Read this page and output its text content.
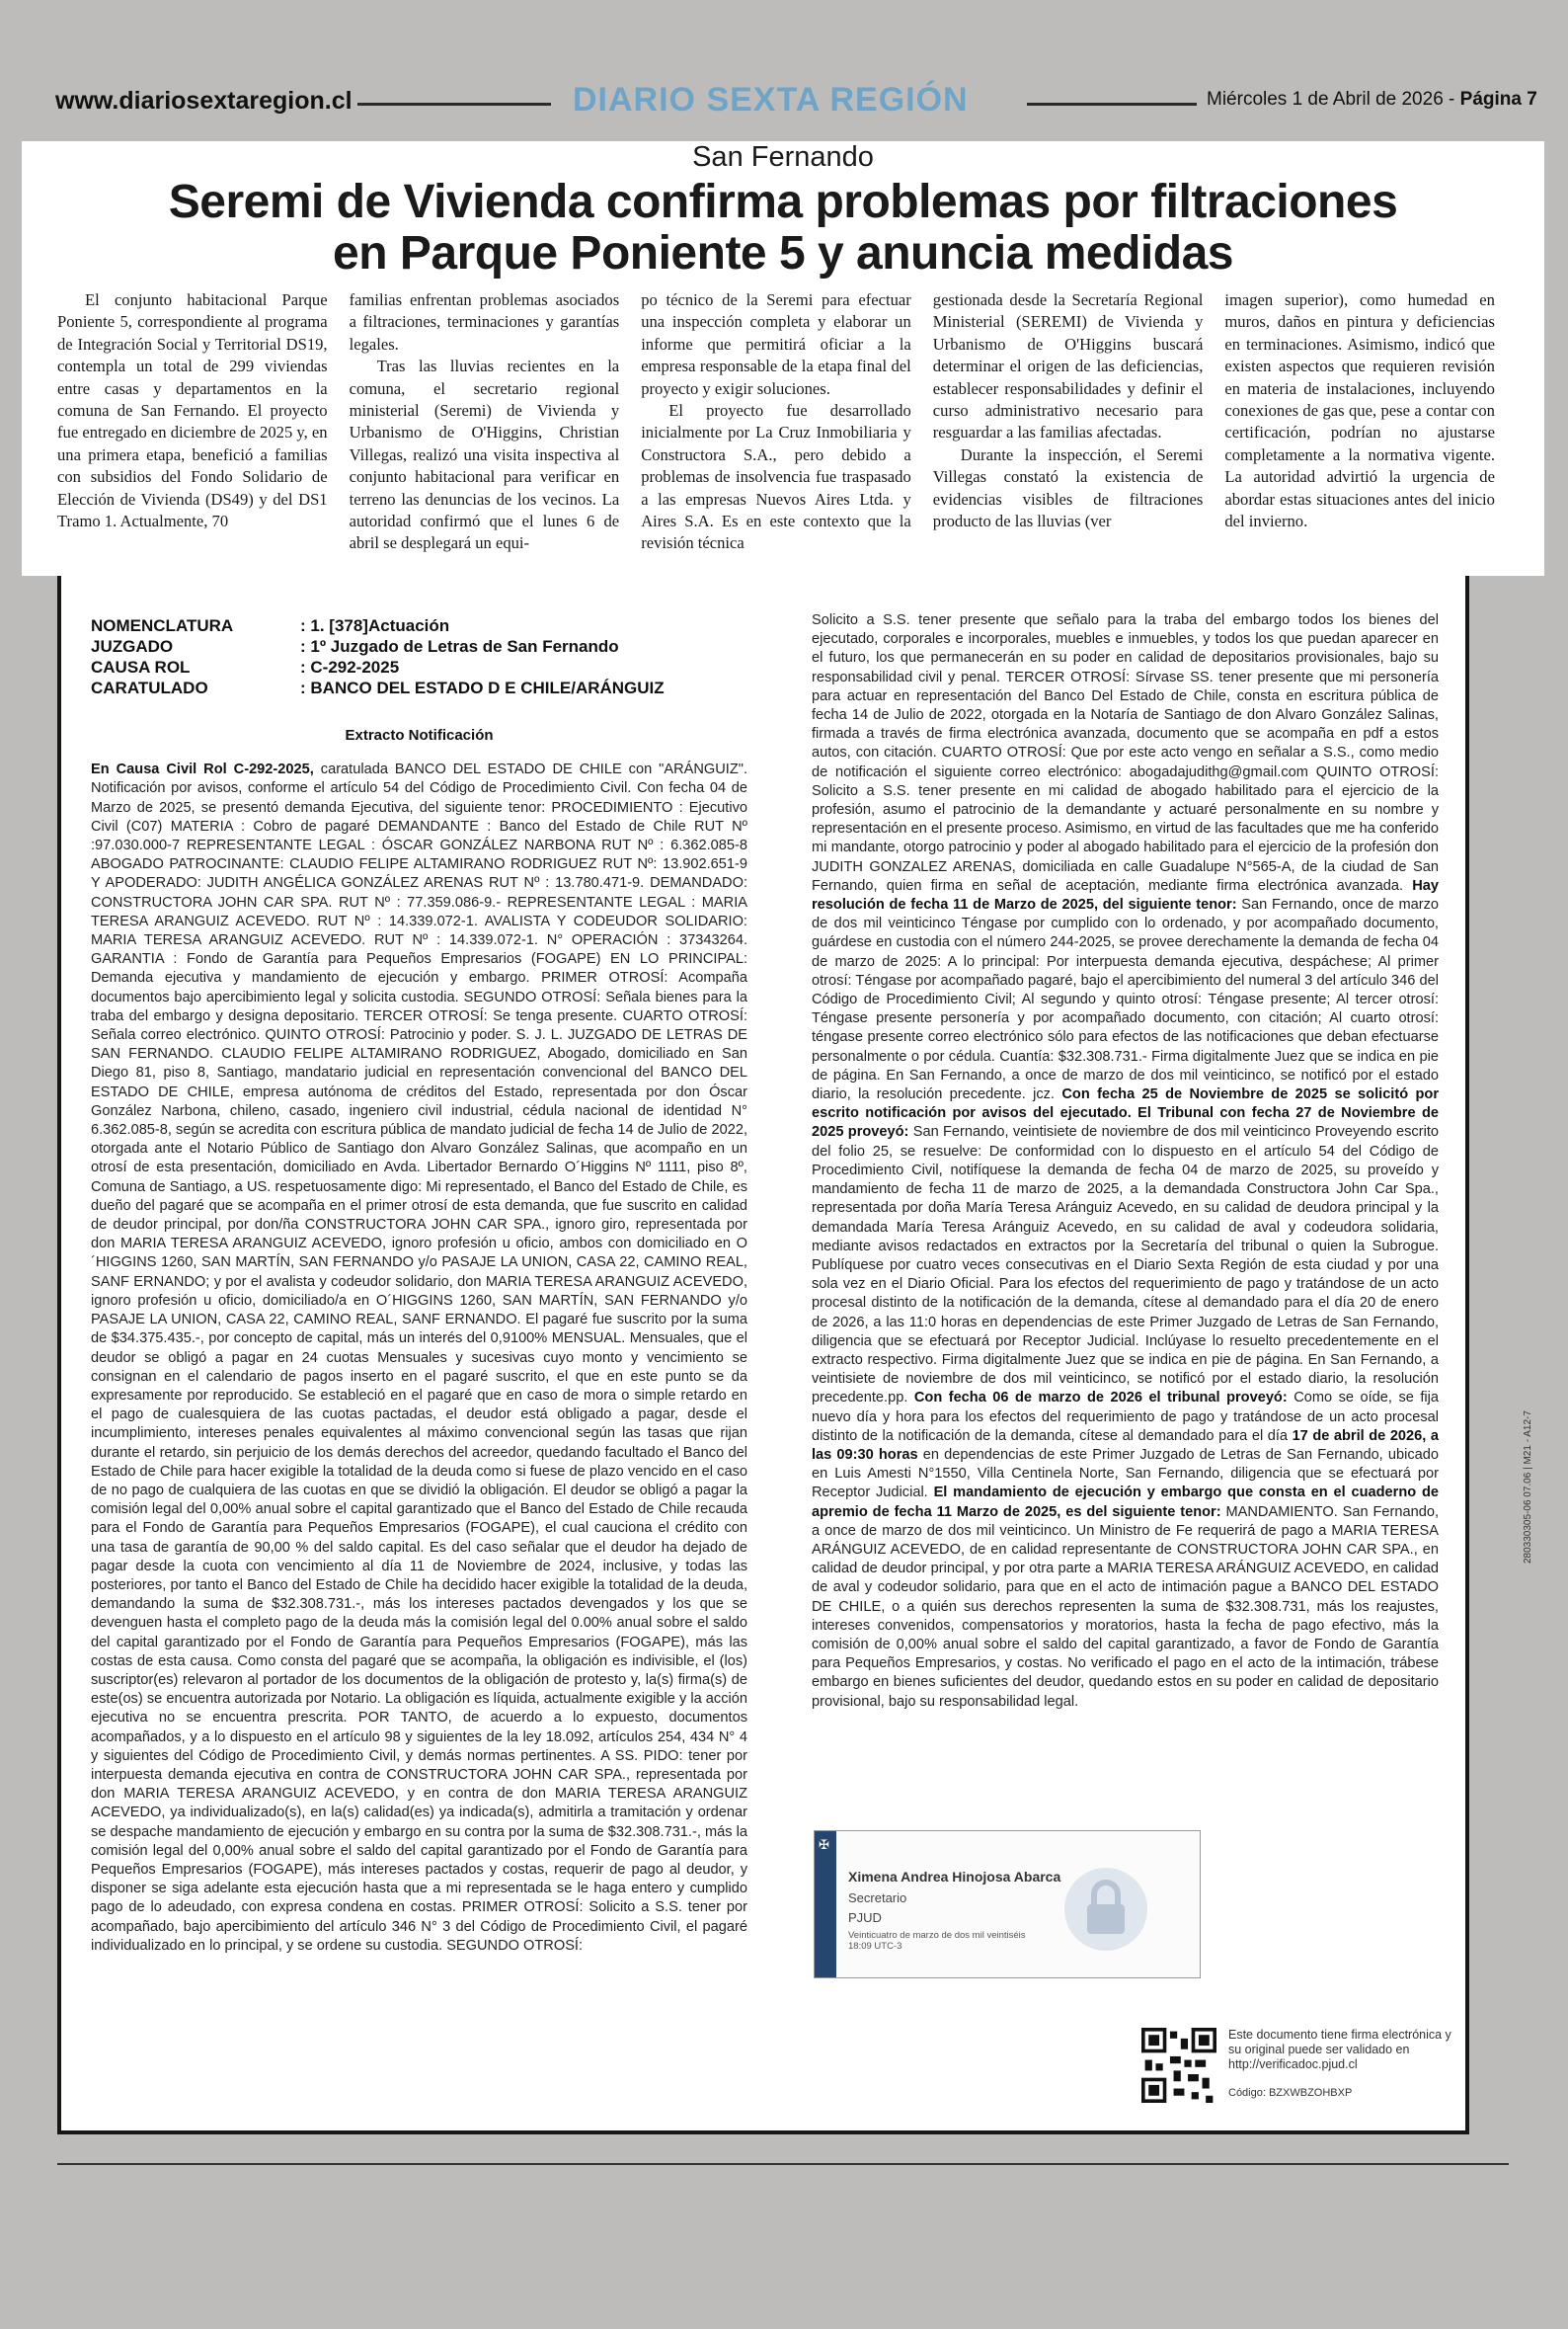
www.diariosextaregion.cl	DIARIO SEXTA REGIÓN	Miércoles 1 de Abril de 2026 - Página 7
San Fernando
Seremi de Vivienda confirma problemas por filtraciones
en Parque Poniente 5 y anuncia medidas

El conjunto habitacional Parque Poniente 5, correspondiente al programa de Integración Social y Territorial DS19, contempla un total de 299 viviendas entre casas y departamentos en la comuna de San Fernando. El proyecto fue entregado en diciembre de 2025 y, en una primera etapa, benefició a familias con subsidios del Fondo Solidario de Elección de Vivienda (DS49) y del DS1 Tramo 1. Actualmente, 70

familias enfrentan problemas asociados a filtraciones, terminaciones y garantías legales.

Tras las lluvias recientes en la comuna, el secretario regional ministerial (Seremi) de Vivienda y Urbanismo de O'Higgins, Christian Villegas, realizó una visita inspectiva al conjunto habitacional para verificar en terreno las denuncias de los vecinos. La autoridad confirmó que el lunes 6 de abril se desplegará un equi-

po técnico de la Seremi para efectuar una inspección completa y elaborar un informe que permitirá oficiar a la empresa responsable de la etapa final del proyecto y exigir soluciones.

El proyecto fue desarrollado inicialmente por La Cruz Inmobiliaria y Constructora S.A., pero debido a problemas de insolvencia fue traspasado a las empresas Nuevos Aires Ltda. y Aires S.A. Es en este contexto que la revisión técnica

gestionada desde la Secretaría Regional Ministerial (SEREMI) de Vivienda y Urbanismo de O'Higgins buscará determinar el origen de las deficiencias, establecer responsabilidades y definir el curso administrativo necesario para resguardar a las familias afectadas.

Durante la inspección, el Seremi Villegas constató la existencia de evidencias visibles de filtraciones producto de las lluvias (ver

imagen superior), como humedad en muros, daños en pintura y deficiencias en terminaciones. Asimismo, indicó que existen aspectos que requieren revisión en materia de instalaciones, incluyendo conexiones de gas que, pese a contar con certificación, podrían no ajustarse completamente a la normativa vigente. La autoridad advirtió la urgencia de abordar estas situaciones antes del inicio del invierno.

NOMENCLATURA	: 1. [378]Actuación
JUZGADO	: 1º Juzgado de Letras de San Fernando
CAUSA ROL	: C-292-2025
CARATULADO	: BANCO DEL ESTADO D E CHILE/ARÁNGUIZ
Extracto Notificación

En Causa Civil Rol C-292-2025, caratulada BANCO DEL ESTADO DE CHILE con "ARÁNGUIZ". Notificación por avisos, conforme el artículo 54 del Código de Procedimiento Civil. Con fecha 04 de Marzo de 2025, se presentó demanda Ejecutiva, del siguiente tenor: PROCEDIMIENTO : Ejecutivo Civil (C07) MATERIA : Cobro de pagaré DEMANDANTE : Banco del Estado de Chile RUT Nº :97.030.000-7 REPRESENTANTE LEGAL : ÓSCAR GONZÁLEZ NARBONA RUT Nº : 6.362.085-8 ABOGADO PATROCINANTE: CLAUDIO FELIPE ALTAMIRANO RODRIGUEZ RUT Nº: 13.902.651-9 Y APODERADO: JUDITH ANGÉLICA GONZÁLEZ ARENAS RUT Nº : 13.780.471-9. DEMANDADO: CONSTRUCTORA JOHN CAR SPA. RUT Nº : 77.359.086-9.- REPRESENTANTE LEGAL : MARIA TERESA ARANGUIZ ACEVEDO. RUT Nº : 14.339.072-1. AVALISTA Y CODEUDOR SOLIDARIO: MARIA TERESA ARANGUIZ ACEVEDO. RUT Nº : 14.339.072-1. N° OPERACIÓN : 37343264. GARANTIA : Fondo de Garantía para Pequeños Empresarios (FOGAPE) EN LO PRINCIPAL: Demanda ejecutiva y mandamiento de ejecución y embargo. PRIMER OTROSÍ: Acompaña documentos bajo apercibimiento legal y solicita custodia. SEGUNDO OTROSÍ: Señala bienes para la traba del embargo y designa depositario. TERCER OTROSÍ: Se tenga presente. CUARTO OTROSÍ: Señala correo electrónico. QUINTO OTROSÍ: Patrocinio y poder. S. J. L. JUZGADO DE LETRAS DE SAN FERNANDO. CLAUDIO FELIPE ALTAMIRANO RODRIGUEZ, Abogado, domiciliado en San Diego 81, piso 8, Santiago, mandatario judicial en representación convencional del BANCO DEL ESTADO DE CHILE, empresa autónoma de créditos del Estado, representada por don Óscar González Narbona, chileno, casado, ingeniero civil industrial, cédula nacional de identidad N° 6.362.085-8, según se acredita con escritura pública de mandato judicial de fecha 14 de Julio de 2022, otorgada ante el Notario Público de Santiago don Alvaro González Salinas, que acompaño en un otrosí de esta presentación, domiciliado en Avda. Libertador Bernardo O´Higgins Nº 1111, piso 8º, Comuna de Santiago, a US. respetuosamente digo: Mi representado, el Banco del Estado de Chile, es dueño del pagaré que se acompaña en el primer otrosí de esta demanda, que fue suscrito en calidad de deudor principal, por don/ña CONSTRUCTORA JOHN CAR SPA., ignoro giro, representada por don MARIA TERESA ARANGUIZ ACEVEDO, ignoro profesión u oficio, ambos con domiciliado en O´HIGGINS 1260, SAN MARTÍN, SAN FERNANDO y/o PASAJE LA UNION, CASA 22, CAMINO REAL, SANF ERNANDO; y por el avalista y codeudor solidario, don MARIA TERESA ARANGUIZ ACEVEDO, ignoro profesión u oficio, domiciliado/a en O´HIGGINS 1260, SAN MARTÍN, SAN FERNANDO y/o PASAJE LA UNION, CASA 22, CAMINO REAL, SANF ERNANDO. El pagaré fue suscrito por la suma de $34.375.435.-, por concepto de capital, más un interés del 0,9100% MENSUAL. Mensuales, que el deudor se obligó a pagar en 24 cuotas Mensuales y sucesivas cuyo monto y vencimiento se consignan en el calendario de pagos inserto en el pagaré suscrito, el que en este punto se da expresamente por reproducido. Se estableció en el pagaré que en caso de mora o simple retardo en el pago de cualesquiera de las cuotas pactadas, el deudor está obligado a pagar, desde el incumplimiento, intereses penales equivalentes al máximo convencional según las tasas que rijan durante el retardo, sin perjuicio de los demás derechos del acreedor, quedando facultado el Banco del Estado de Chile para hacer exigible la totalidad de la deuda como si fuese de plazo vencido en el caso de no pago de cualquiera de las cuotas en que se dividió la obligación. El deudor se obligó a pagar la comisión legal del 0,00% anual sobre el capital garantizado que el Banco del Estado de Chile recauda para el Fondo de Garantía para Pequeños Empresarios (FOGAPE), el cual cauciona el crédito con una tasa de garantía de 90,00 % del saldo capital. Es del caso señalar que el deudor ha dejado de pagar desde la cuota con vencimiento al día 11 de Noviembre de 2024, inclusive, y todas las posteriores, por tanto el Banco del Estado de Chile ha decidido hacer exigible la totalidad de la deuda, demandando la suma de $32.308.731.-, más los intereses pactados devengados y los que se devenguen hasta el completo pago de la deuda más la comisión legal del 0.00% anual sobre el saldo del capital garantizado por el Fondo de Garantía para Pequeños Empresarios (FOGAPE), más las costas de esta causa. Como consta del pagaré que se acompaña, la obligación es indivisible, el (los) suscriptor(es) relevaron al portador de los documentos de la obligación de protesto y, la(s) firma(s) de este(os) se encuentra autorizada por Notario. La obligación es líquida, actualmente exigible y la acción ejecutiva no se encuentra prescrita. POR TANTO, de acuerdo a lo expuesto, documentos acompañados, y a lo dispuesto en el artículo 98 y siguientes de la ley 18.092, artículos 254, 434 N° 4 y siguientes del Código de Procedimiento Civil, y demás normas pertinentes. A SS. PIDO: tener por interpuesta demanda ejecutiva en contra de CONSTRUCTORA JOHN CAR SPA., representada por don MARIA TERESA ARANGUIZ ACEVEDO, y en contra de don MARIA TERESA ARANGUIZ ACEVEDO, ya individualizado(s), en la(s) calidad(es) ya indicada(s), admitirla a tramitación y ordenar se despache mandamiento de ejecución y embargo en su contra por la suma de $32.308.731.-, más la comisión legal del 0,00% anual sobre el saldo del capital garantizado por el Fondo de Garantía para Pequeños Empresarios (FOGAPE), más intereses pactados y costas, requerir de pago al deudor, y disponer se siga adelante esta ejecución hasta que a mi representada se le haga entero y cumplido pago de lo adeudado, con expresa condena en costas. PRIMER OTROSÍ: Solicito a S.S. tener por acompañado, bajo apercibimiento del artículo 346 N° 3 del Código de Procedimiento Civil, el pagaré individualizado en lo principal, y se ordene su custodia. SEGUNDO OTROSÍ:

Solicito a S.S. tener presente que señalo para la traba del embargo todos los bienes del ejecutado, corporales e incorporales, muebles e inmuebles, y todos los que puedan aparecer en el futuro, los que permanecerán en su poder en calidad de depositarios provisionales, bajo su responsabilidad civil y penal. TERCER OTROSÍ: Sírvase SS. tener presente que mi personería para actuar en representación del Banco Del Estado de Chile, consta en escritura pública de fecha 14 de Julio de 2022, otorgada en la Notaría de Santiago de don Alvaro González Salinas, firmada a través de firma electrónica avanzada, documento que se acompaña en pdf a estos autos, con citación. CUARTO OTROSÍ: Que por este acto vengo en señalar a S.S., como medio de notificación el siguiente correo electrónico: abogadajudithg@gmail.com QUINTO OTROSÍ: Solicito a S.S. tener presente en mi calidad de abogado habilitado para el ejercicio de la profesión, asumo el patrocinio de la demandante y actuaré personalmente en su nombre y representación en el presente proceso. Asimismo, en virtud de las facultades que me ha conferido mi mandante, otorgo patrocinio y poder al abogado habilitado para el ejercicio de la profesión don JUDITH GONZALEZ ARENAS, domiciliada en calle Guadalupe N°565-A, de la ciudad de San Fernando, quien firma en señal de aceptación, mediante firma electrónica avanzada. Hay resolución de fecha 11 de Marzo de 2025, del siguiente tenor: San Fernando, once de marzo de dos mil veinticinco Téngase por cumplido con lo ordenado, y por acompañado documento, guárdese en custodia con el número 244-2025, se provee derechamente la demanda de fecha 04 de marzo de 2025: A lo principal: Por interpuesta demanda ejecutiva, despáchese; Al primer otrosí: Téngase por acompañado pagaré, bajo el apercibimiento del numeral 3 del artículo 346 del Código de Procedimiento Civil; Al segundo y quinto otrosí: Téngase presente; Al tercer otrosí: Téngase presente personería y por acompañado documento, con citación; Al cuarto otrosí: téngase presente correo electrónico sólo para efectos de las notificaciones que deban efectuarse personalmente o por cédula. Cuantía: $32.308.731.- Firma digitalmente Juez que se indica en pie de página. En San Fernando, a once de marzo de dos mil veinticinco, se notificó por el estado diario, la resolución precedente. jcz. Con fecha 25 de Noviembre de 2025 se solicitó por escrito notificación por avisos del ejecutado. El Tribunal con fecha 27 de Noviembre de 2025 proveyó: San Fernando, veintisiete de noviembre de dos mil veinticinco Proveyendo escrito del folio 25, se resuelve: De conformidad con lo dispuesto en el artículo 54 del Código de Procedimiento Civil, notifíquese la demanda de fecha 04 de marzo de 2025, su proveído y mandamiento de fecha 11 de marzo de 2025, a la demandada Constructora John Car Spa., representada por doña María Teresa Aránguiz Acevedo, en su calidad de deudora principal y la demandada María Teresa Aránguiz Acevedo, en su calidad de aval y codeudora solidaria, mediante avisos redactados en extractos por la Secretaría del tribunal o quien la Subrogue. Publíquese por cuatro veces consecutivas en el Diario Sexta Región de esta ciudad y por una sola vez en el Diario Oficial. Para los efectos del requerimiento de pago y tratándose de un acto procesal distinto de la notificación de la demanda, cítese al demandado para el día 20 de enero de 2026, a las 11:0 horas en dependencias de este Primer Juzgado de Letras de San Fernando, diligencia que se efectuará por Receptor Judicial. Inclúyase lo resuelto precedentemente en el extracto respectivo. Firma digitalmente Juez que se indica en pie de página. En San Fernando, a veintisiete de noviembre de dos mil veinticinco, se notificó por el estado diario, la resolución precedente.pp. Con fecha 06 de marzo de 2026 el tribunal proveyó: Como se oíde, se fija nuevo día y hora para los efectos del requerimiento de pago y tratándose de un acto procesal distinto de la notificación de la demanda, cítese al demandado para el día 17 de abril de 2026, a las 09:30 horas en dependencias de este Primer Juzgado de Letras de San Fernando, ubicado en Luis Amesti N°1550, Villa Centinela Norte, San Fernando, diligencia que se efectuará por Receptor Judicial. El mandamiento de ejecución y embargo que consta en el cuaderno de apremio de fecha 11 Marzo de 2025, es del siguiente tenor: MANDAMIENTO. San Fernando, a once de marzo de dos mil veinticinco. Un Ministro de Fe requerirá de pago a MARIA TERESA ARÁNGUIZ ACEVEDO, de en calidad representante de CONSTRUCTORA JOHN CAR SPA., en calidad de deudor principal, y por otra parte a MARIA TERESA ARÁNGUIZ ACEVEDO, en calidad de aval y codeudor solidario, para que en el acto de intimación pague a BANCO DEL ESTADO DE CHILE, o a quién sus derechos representen la suma de $32.308.731, más los reajustes, intereses convenidos, compensatorios y moratorios, hasta la fecha de pago efectivo, más la comisión de 0,00% anual sobre el saldo del capital garantizado, a favor de Fondo de Garantía para Pequeños Empresarios, y costas. No verificado el pago en el acto de la intimación, trábese embargo en bienes suficientes del deudor, quedando estos en su poder en calidad de depositario provisional, bajo su responsabilidad legal.

✠
Ximena Andrea Hinojosa Abarca
Secretario
PJUD
Veinticuatro de marzo de dos mil veintiséis
18:09 UTC-3
Este documento tiene firma electrónica y su original puede ser validado en http://verificadoc.pjud.cl
Código: BZXWBZOHBXP
280330305-06 07.06 | M21 - A12-7
